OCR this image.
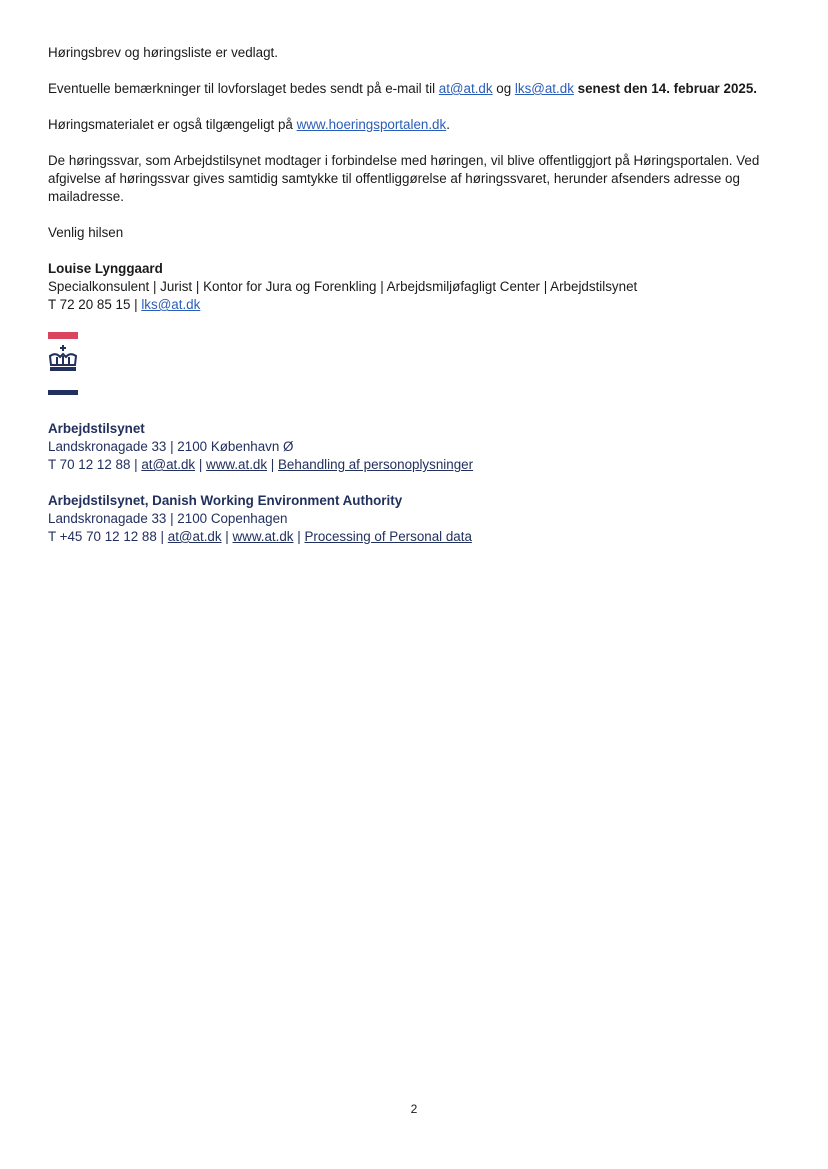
Høringsbrev og høringsliste er vedlagt.

Eventuelle bemærkninger til lovforslaget bedes sendt på e-mail til at@at.dk og lks@at.dk senest den 14. februar 2025.

Høringsmaterialet er også tilgængeligt på www.hoeringsportalen.dk.

De høringssvar, som Arbejdstilsynet modtager i forbindelse med høringen, vil blive offentliggjort på Høringsportalen. Ved afgivelse af høringssvar gives samtidig samtykke til offentliggørelse af høringssvaret, herunder afsenders adresse og mailadresse.

Venlig hilsen

Louise Lynggaard

Specialkonsulent | Jurist | Kontor for Jura og Forenkling | Arbejdsmiljøfagligt Center | Arbejdstilsynet

T 72 20 85 15 | lks@at.dk

Arbejdstilsynet

Landskronagade 33 | 2100 København Ø

T 70 12 12 88 | at@at.dk | www.at.dk | Behandling af personoplysninger

Arbejdstilsynet, Danish Working Environment Authority

Landskronagade 33 | 2100 Copenhagen

T +45 70 12 12 88 | at@at.dk | www.at.dk | Processing of Personal data

2
